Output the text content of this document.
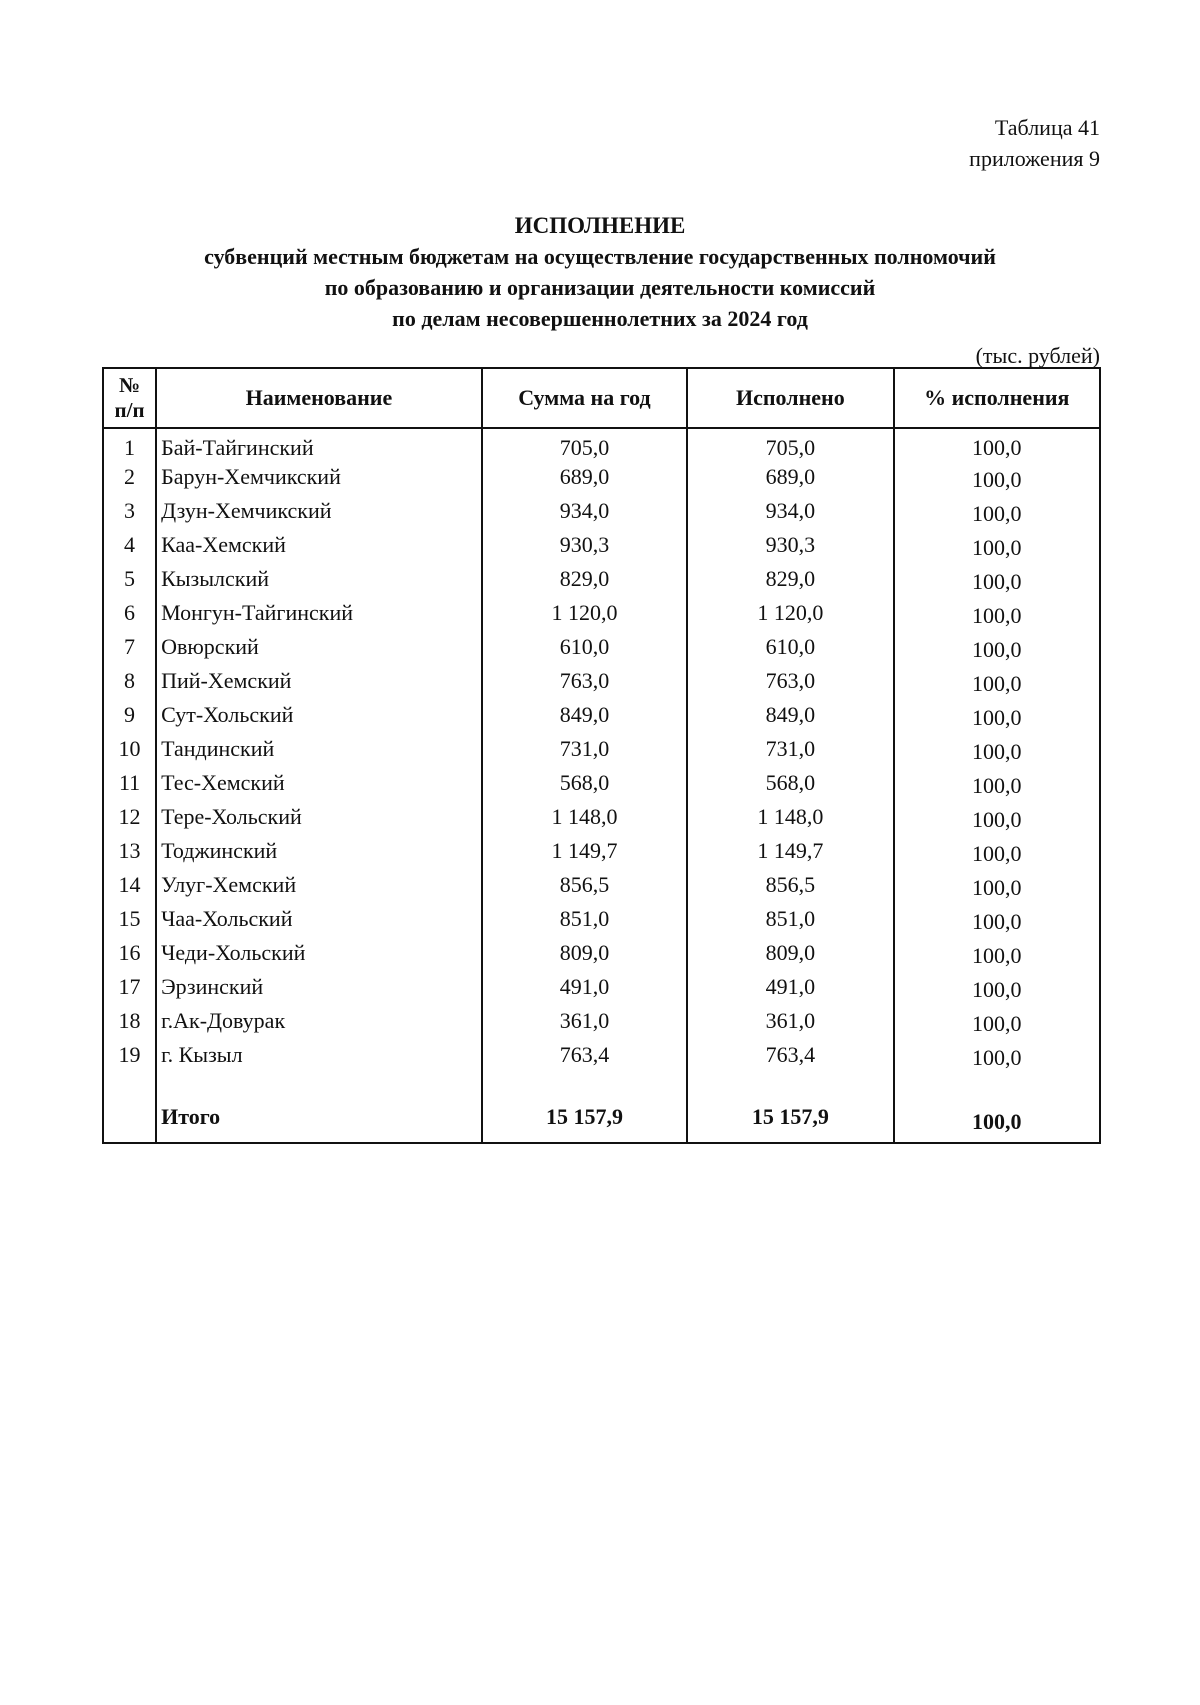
Таблица 41
приложения 9
ИСПОЛНЕНИЕ
субвенций местным бюджетам на осуществление государственных полномочий
по образованию и организации деятельности комиссий
по делам несовершеннолетних за 2024 год
(тыс. рублей)
№
п/п	Наименование	Сумма на год	Исполнено	% исполнения
1	Бай-Тайгинский	705,0	705,0	100,0
2	Барун-Хемчикский	689,0	689,0	100,0
3	Дзун-Хемчикский	934,0	934,0	100,0
4	Каа-Хемский	930,3	930,3	100,0
5	Кызылский	829,0	829,0	100,0
6	Монгун-Тайгинский	1 120,0	1 120,0	100,0
7	Овюрский	610,0	610,0	100,0
8	Пий-Хемский	763,0	763,0	100,0
9	Сут-Хольский	849,0	849,0	100,0
10	Тандинский	731,0	731,0	100,0
11	Тес-Хемский	568,0	568,0	100,0
12	Тере-Хольский	1 148,0	1 148,0	100,0
13	Тоджинский	1 149,7	1 149,7	100,0
14	Улуг-Хемский	856,5	856,5	100,0
15	Чаа-Хольский	851,0	851,0	100,0
16	Чеди-Хольский	809,0	809,0	100,0
17	Эрзинский	491,0	491,0	100,0
18	г.Ак-Довурак	361,0	361,0	100,0
19	г. Кызыл	763,4	763,4	100,0

	Итого	15 157,9	15 157,9	100,0
